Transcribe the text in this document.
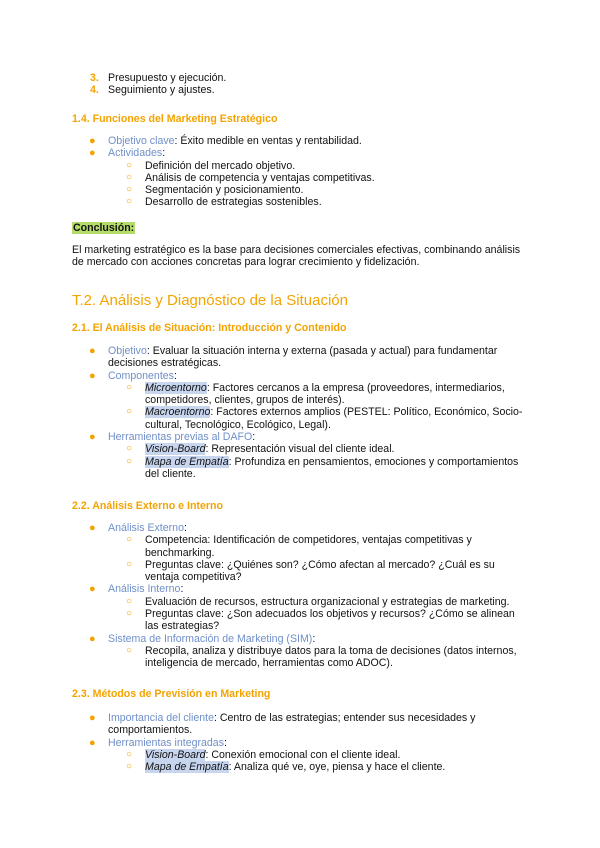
3. Presupuesto y ejecución.
4. Seguimiento y ajustes.
1.4. Funciones del Marketing Estratégico
● Objetivo clave: Éxito medible en ventas y rentabilidad.
● Actividades:
○ Definición del mercado objetivo.
○ Análisis de competencia y ventajas competitivas.
○ Segmentación y posicionamiento.
○ Desarrollo de estrategias sostenibles.
Conclusión:

El marketing estratégico es la base para decisiones comerciales efectivas, combinando análisis de mercado con acciones concretas para lograr crecimiento y fidelización.

T.2. Análisis y Diagnóstico de la Situación
2.1. El Análisis de Situación: Introducción y Contenido
● Objetivo: Evaluar la situación interna y externa (pasada y actual) para fundamentar decisiones estratégicas.
● Componentes:
○ Microentorno: Factores cercanos a la empresa (proveedores, intermediarios, competidores, clientes, grupos de interés).
○ Macroentorno: Factores externos amplios (PESTEL: Político, Económico, Socio-cultural, Tecnológico, Ecológico, Legal).
● Herramientas previas al DAFO:
○ Vision-Board: Representación visual del cliente ideal.
○ Mapa de Empatía: Profundiza en pensamientos, emociones y comportamientos del cliente.
2.2. Análisis Externo e Interno
● Análisis Externo:
○ Competencia: Identificación de competidores, ventajas competitivas y benchmarking.
○ Preguntas clave: ¿Quiénes son? ¿Cómo afectan al mercado? ¿Cuál es su ventaja competitiva?
● Análisis Interno:
○ Evaluación de recursos, estructura organizacional y estrategias de marketing.
○ Preguntas clave: ¿Son adecuados los objetivos y recursos? ¿Cómo se alinean las estrategias?
● Sistema de Información de Marketing (SIM):
○ Recopila, analiza y distribuye datos para la toma de decisiones (datos internos, inteligencia de mercado, herramientas como ADOC).
2.3. Métodos de Previsión en Marketing
● Importancia del cliente: Centro de las estrategias; entender sus necesidades y comportamientos.
● Herramientas integradas:
○ Vision-Board: Conexión emocional con el cliente ideal.
○ Mapa de Empatía: Analiza qué ve, oye, piensa y hace el cliente.
